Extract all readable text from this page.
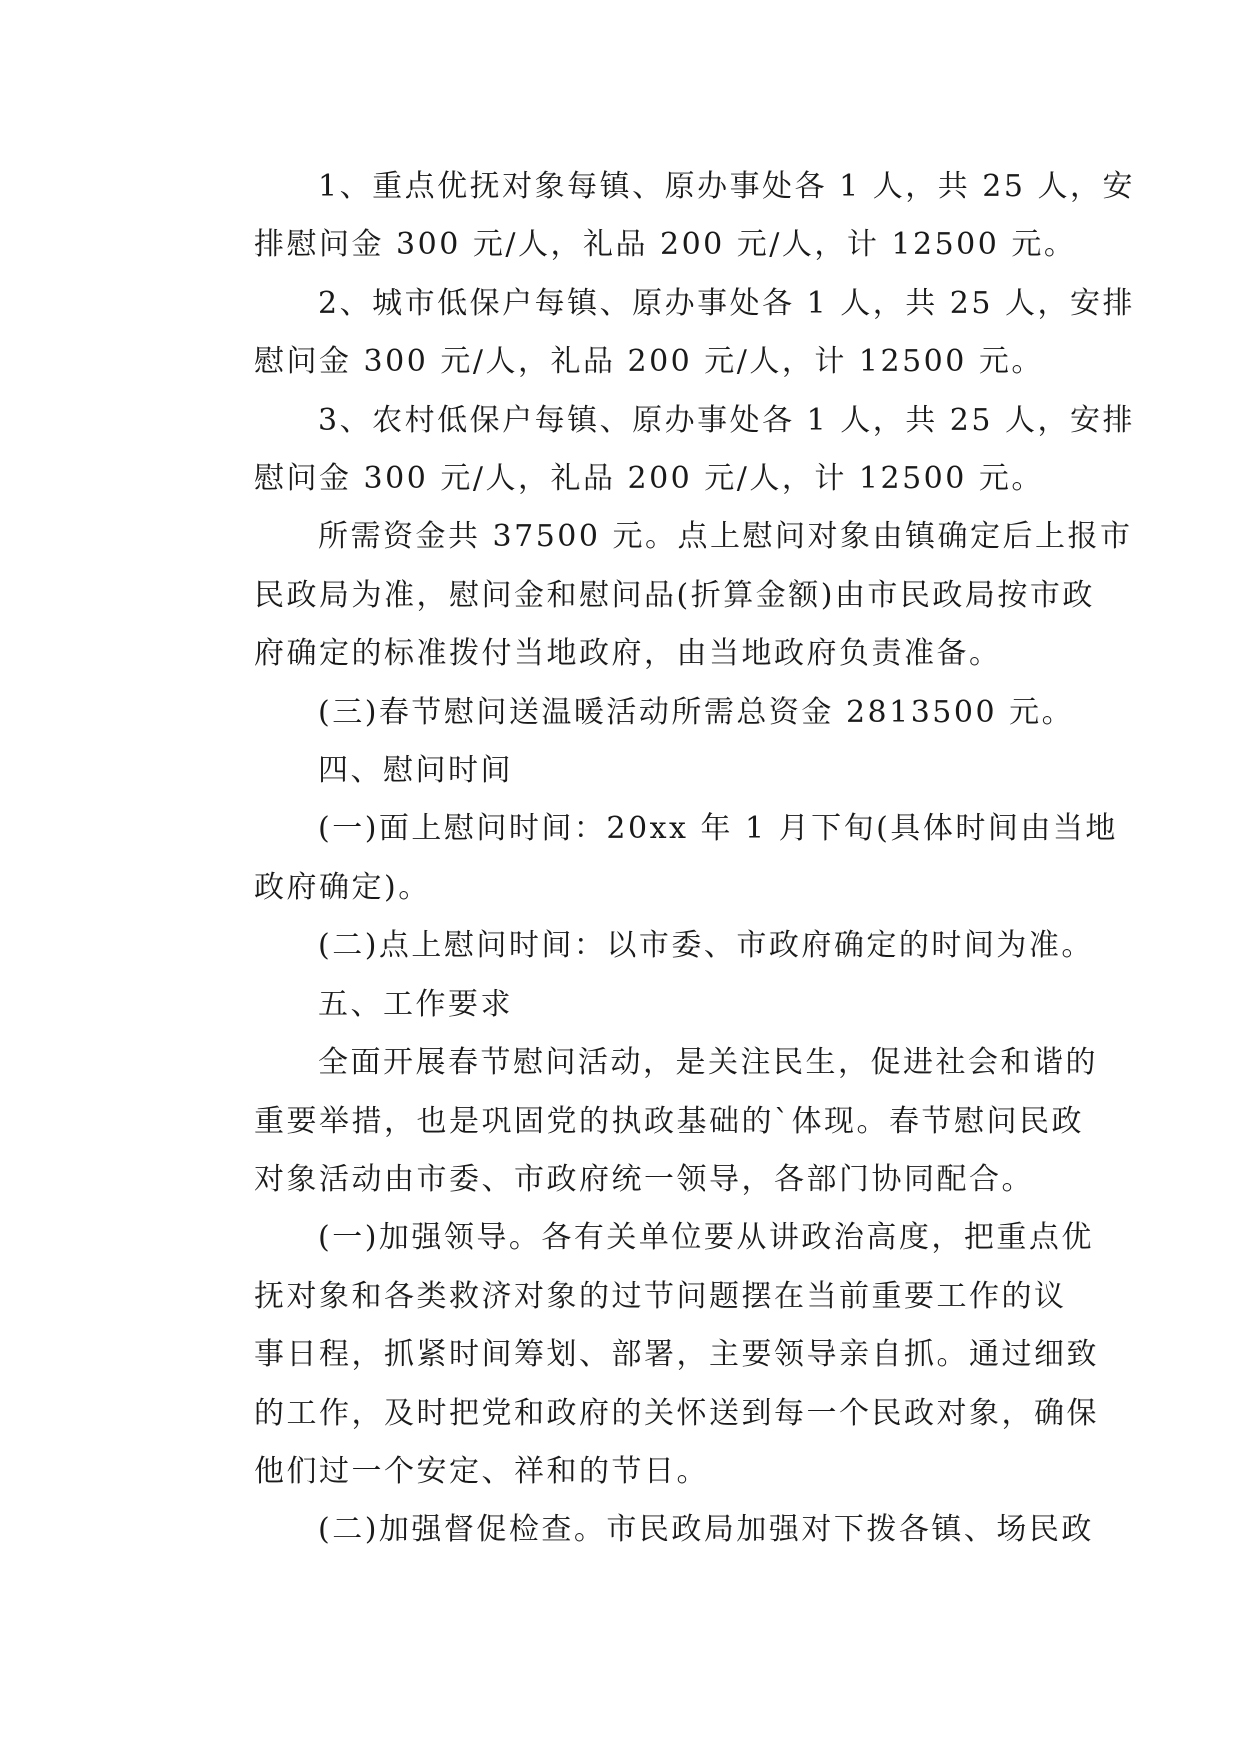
1、重点优抚对象每镇、原办事处各 1 人，共 25 人，安
排慰问金 300 元/人，礼品 200 元/人，计 12500 元。
2、城市低保户每镇、原办事处各 1 人，共 25 人，安排
慰问金 300 元/人，礼品 200 元/人，计 12500 元。
3、农村低保户每镇、原办事处各 1 人，共 25 人，安排
慰问金 300 元/人，礼品 200 元/人，计 12500 元。
所需资金共 37500 元。点上慰问对象由镇确定后上报市
民政局为准，慰问金和慰问品(折算金额)由市民政局按市政
府确定的标准拨付当地政府，由当地政府负责准备。
(三)春节慰问送温暖活动所需总资金 2813500 元。
四、慰问时间
(一)面上慰问时间：20xx 年 1 月下旬(具体时间由当地
政府确定)。
(二)点上慰问时间：以市委、市政府确定的时间为准。
五、工作要求
全面开展春节慰问活动，是关注民生，促进社会和谐的
重要举措，也是巩固党的执政基础的`体现。春节慰问民政
对象活动由市委、市政府统一领导，各部门协同配合。
(一)加强领导。各有关单位要从讲政治高度，把重点优
抚对象和各类救济对象的过节问题摆在当前重要工作的议
事日程，抓紧时间筹划、部署，主要领导亲自抓。通过细致
的工作，及时把党和政府的关怀送到每一个民政对象，确保
他们过一个安定、祥和的节日。
(二)加强督促检查。市民政局加强对下拨各镇、场民政
